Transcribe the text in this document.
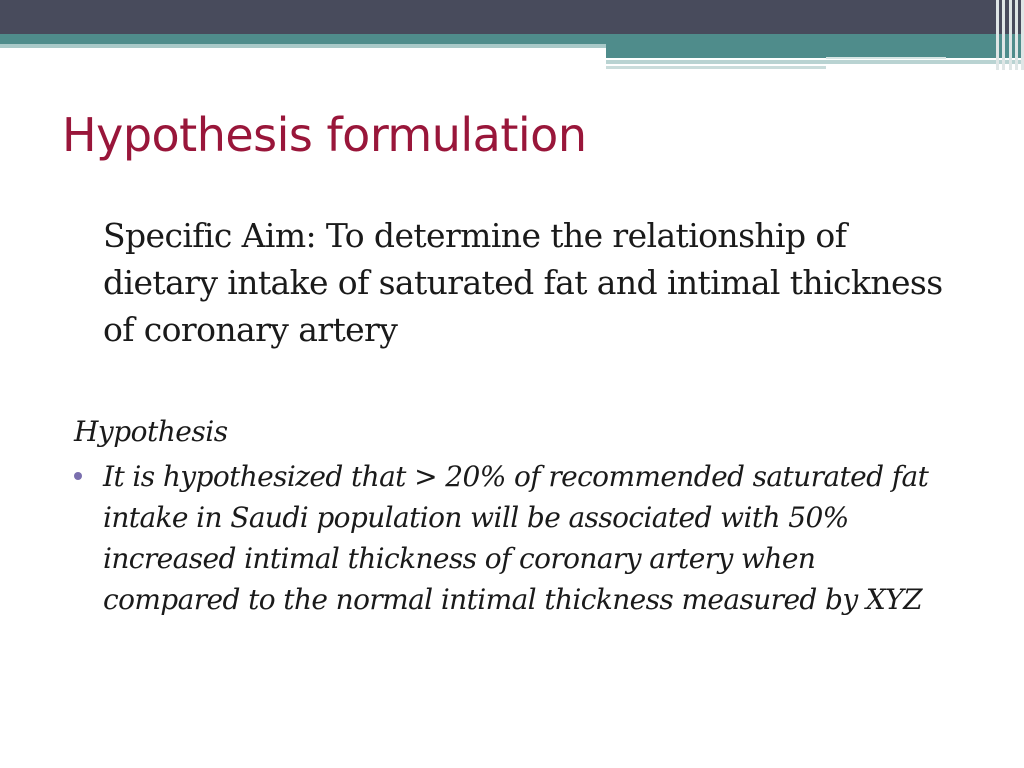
Hypothesis formulation

Specific Aim: To determine the relationship of dietary intake of saturated fat and intimal thickness of coronary artery

Hypothesis

It is hypothesized that > 20% of recommended saturated fat intake in Saudi population will be associated with 50% increased intimal thickness of coronary artery when compared to the normal intimal thickness measured by XYZ
